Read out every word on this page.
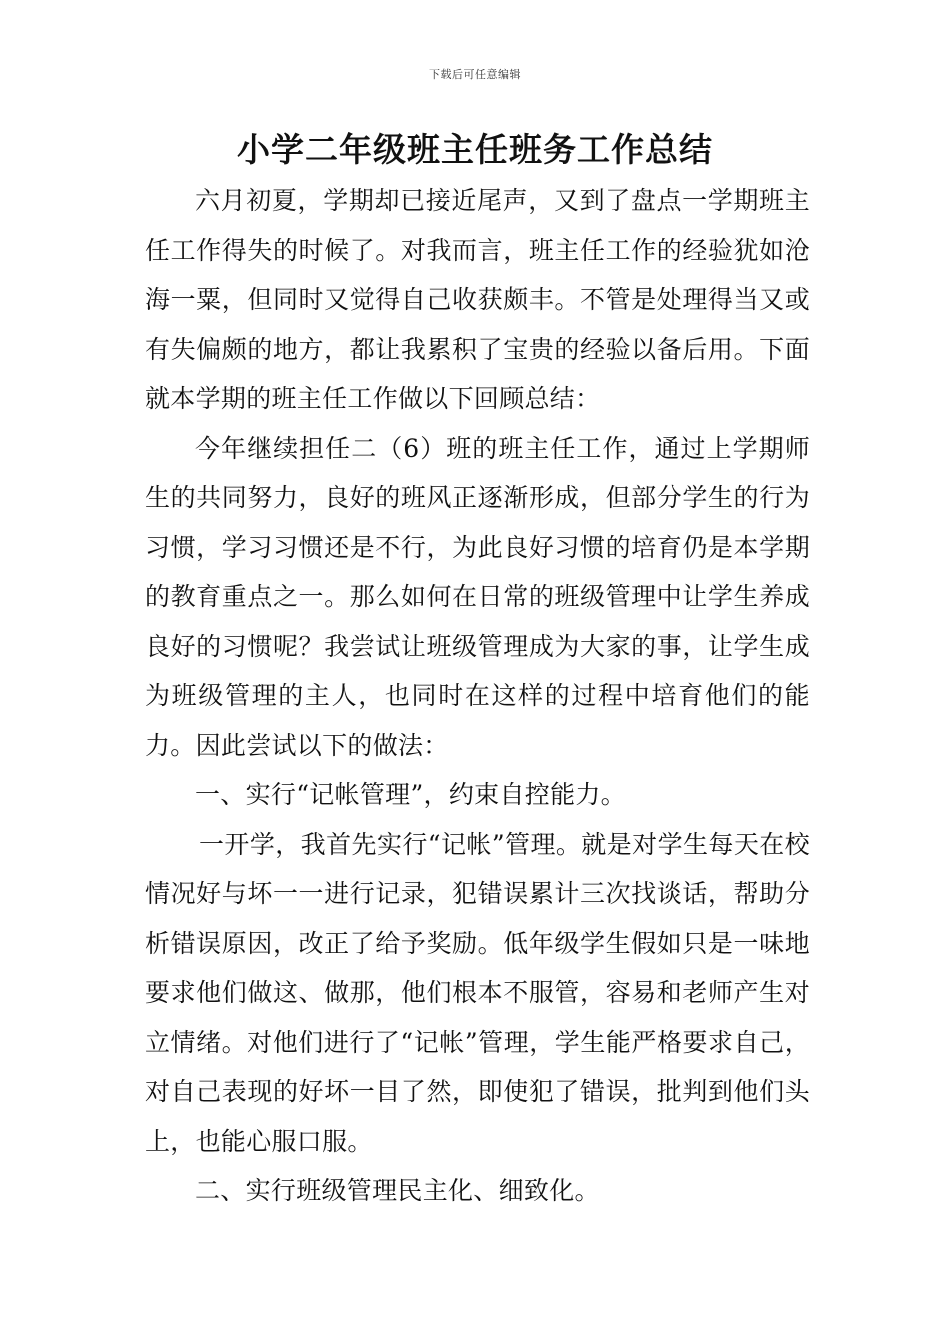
下载后可任意编辑
小学二年级班主任班务工作总结

六月初夏，学期却已接近尾声，又到了盘点一学期班主任工作得失的时候了。对我而言，班主任工作的经验犹如沧海一粟，但同时又觉得自己收获颇丰。不管是处理得当又或有失偏颇的地方，都让我累积了宝贵的经验以备后用。下面就本学期的班主任工作做以下回顾总结：

今年继续担任二（6）班的班主任工作，通过上学期师生的共同努力，良好的班风正逐渐形成，但部分学生的行为习惯，学习习惯还是不行，为此良好习惯的培育仍是本学期的教育重点之一。那么如何在日常的班级管理中让学生养成良好的习惯呢？我尝试让班级管理成为大家的事，让学生成为班级管理的主人，也同时在这样的过程中培育他们的能力。因此尝试以下的做法：

一、实行“记帐管理”，约束自控能力。

一开学，我首先实行“记帐”管理。就是对学生每天在校情况好与坏一一进行记录，犯错误累计三次找谈话，帮助分析错误原因，改正了给予奖励。低年级学生假如只是一味地要求他们做这、做那，他们根本不服管，容易和老师产生对立情绪。对他们进行了“记帐”管理，学生能严格要求自己，对自己表现的好坏一目了然，即使犯了错误，批判到他们头上，也能心服口服。

二、实行班级管理民主化、细致化。
